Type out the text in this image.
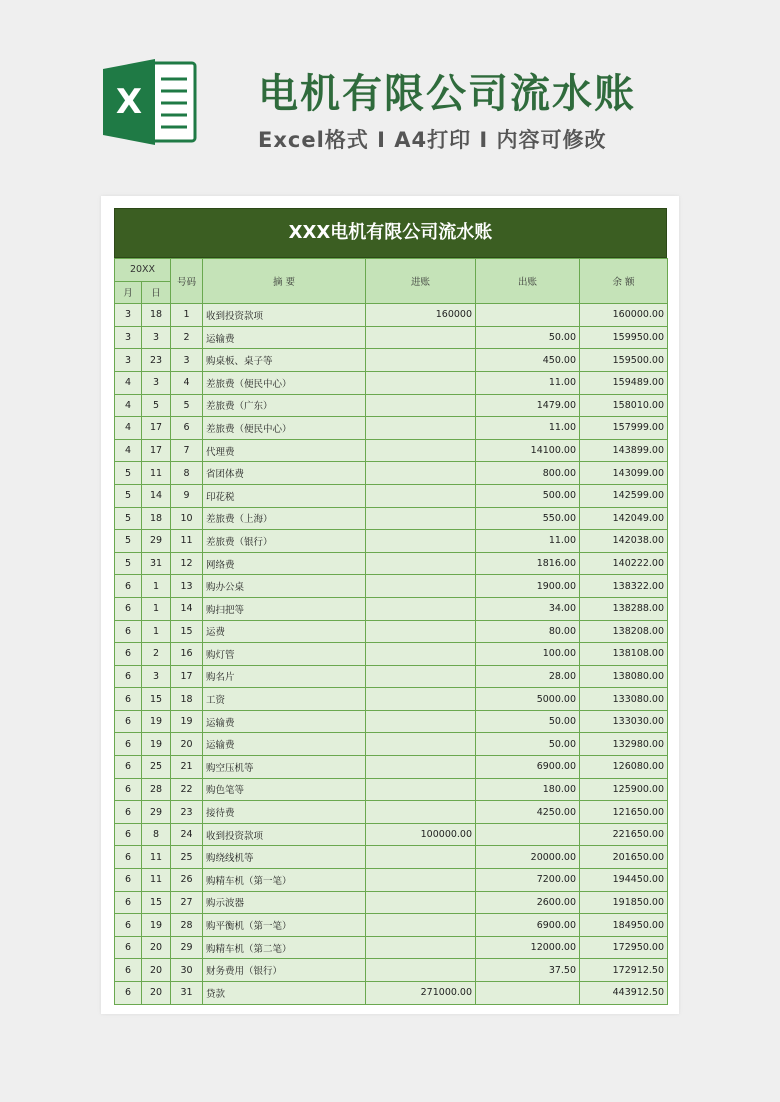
X	电机有限公司流水账
Excel格式 I A4打印 I 内容可修改
XXX电机有限公司流水账
20XX		号码	摘 要	进账	出账	余 额
月	日					
3	18	1	收到投资款项	160000		160000.00
3	3	2	运输费		50.00	159950.00
3	23	3	购桌板、桌子等		450.00	159500.00
4	3	4	差旅费（便民中心）		11.00	159489.00
4	5	5	差旅费（广东）		1479.00	158010.00
4	17	6	差旅费（便民中心）		11.00	157999.00
4	17	7	代理费		14100.00	143899.00
5	11	8	省团体费		800.00	143099.00
5	14	9	印花税		500.00	142599.00
5	18	10	差旅费（上海）		550.00	142049.00
5	29	11	差旅费（银行）		11.00	142038.00
5	31	12	网络费		1816.00	140222.00
6	1	13	购办公桌		1900.00	138322.00
6	1	14	购扫把等		34.00	138288.00
6	1	15	运费		80.00	138208.00
6	2	16	购灯管		100.00	138108.00
6	3	17	购名片		28.00	138080.00
6	15	18	工资		5000.00	133080.00
6	19	19	运输费		50.00	133030.00
6	19	20	运输费		50.00	132980.00
6	25	21	购空压机等		6900.00	126080.00
6	28	22	购色笔等		180.00	125900.00
6	29	23	接待费		4250.00	121650.00
6	8	24	收到投资款项	100000.00		221650.00
6	11	25	购绕线机等		20000.00	201650.00
6	11	26	购精车机（第一笔）		7200.00	194450.00
6	15	27	购示波器		2600.00	191850.00
6	19	28	购平衡机（第一笔）		6900.00	184950.00
6	20	29	购精车机（第二笔）		12000.00	172950.00
6	20	30	财务费用（银行）		37.50	172912.50
6	20	31	贷款	271000.00		443912.50
